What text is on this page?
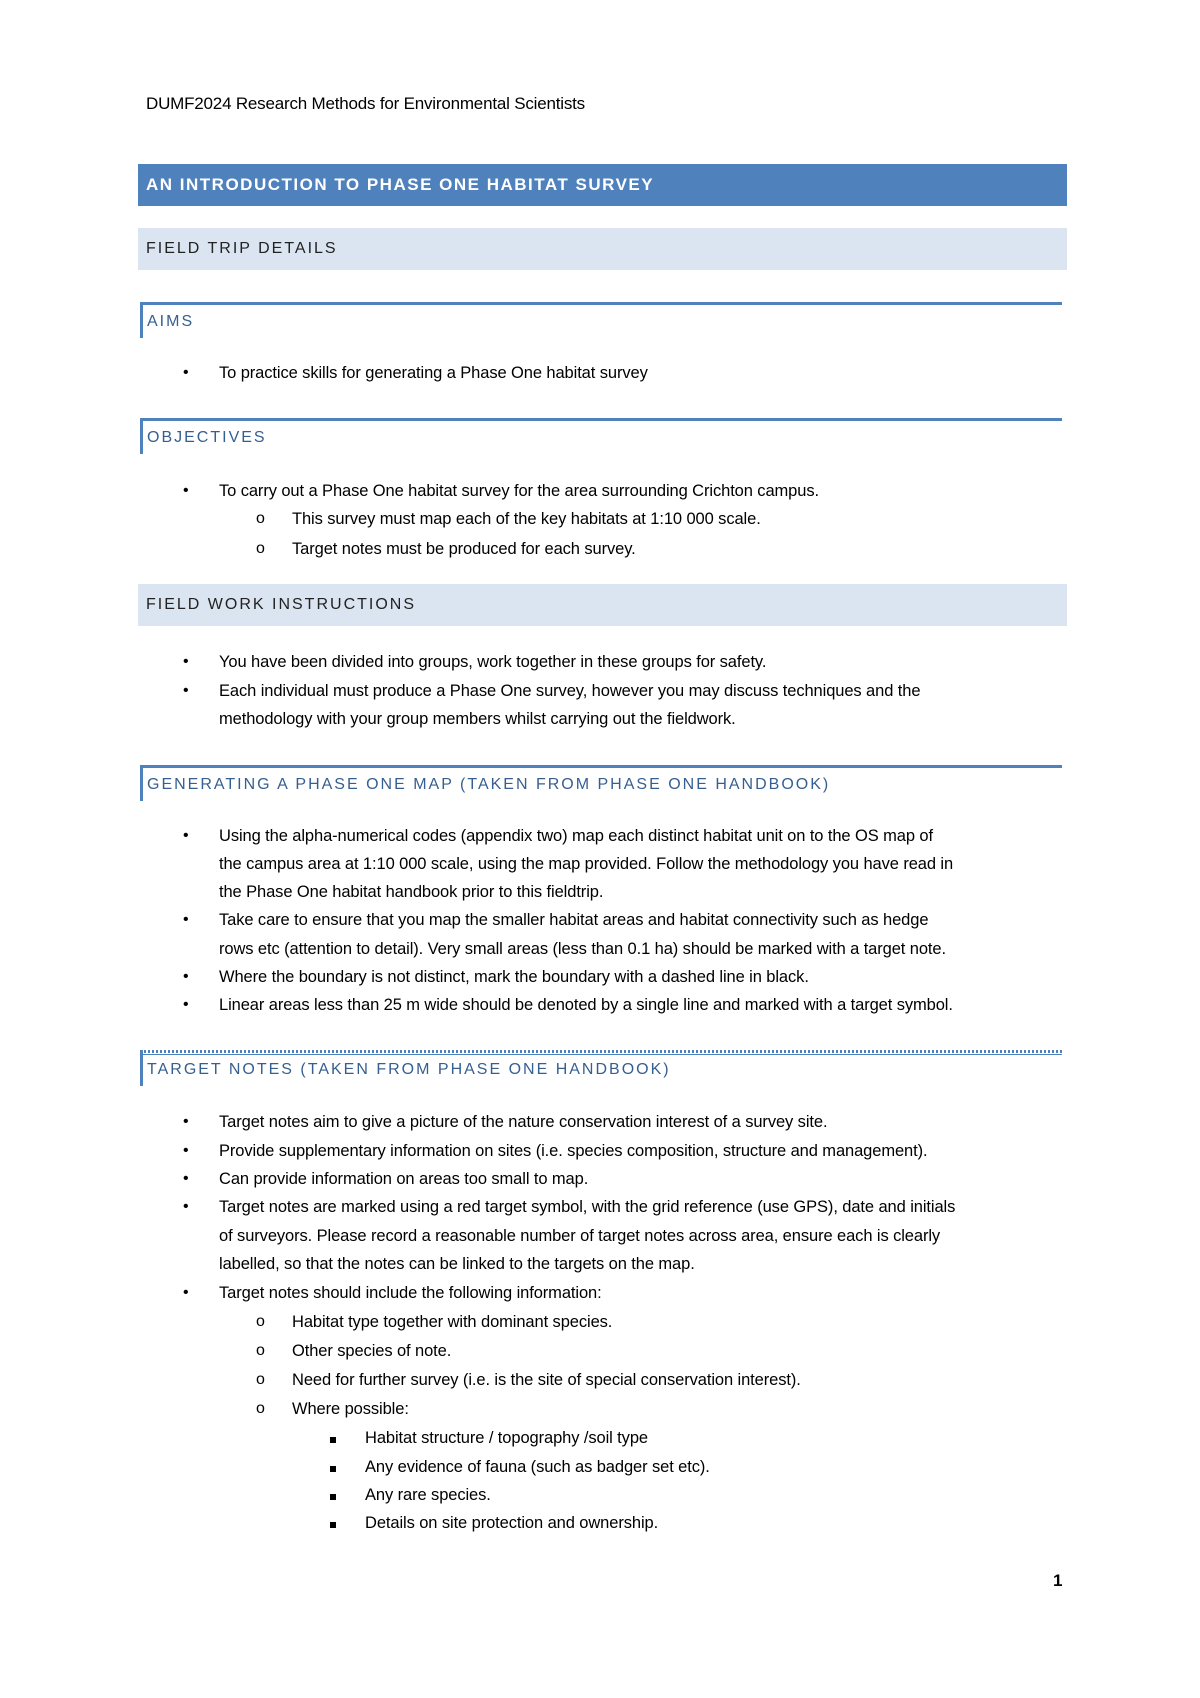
DUMF2024 Research Methods for Environmental Scientists
AN INTRODUCTION TO PHASE ONE HABITAT SURVEY
FIELD TRIP DETAILS
AIMS
• To practice skills for generating a Phase One habitat survey
OBJECTIVES
• To carry out a Phase One habitat survey for the area surrounding Crichton campus.
o This survey must map each of the key habitats at 1:10 000 scale.
o Target notes must be produced for each survey.
FIELD WORK INSTRUCTIONS
• You have been divided into groups, work together in these groups for safety.
• Each individual must produce a Phase One survey, however you may discuss techniques and the
methodology with your group members whilst carrying out the fieldwork.
GENERATING A PHASE ONE MAP (TAKEN FROM PHASE ONE HANDBOOK)
• Using the alpha-numerical codes (appendix two) map each distinct habitat unit on to the OS map of
the campus area at 1:10 000 scale, using the map provided. Follow the methodology you have read in
the Phase One habitat handbook prior to this fieldtrip.
• Take care to ensure that you map the smaller habitat areas and habitat connectivity such as hedge
rows etc (attention to detail). Very small areas (less than 0.1 ha) should be marked with a target note.
• Where the boundary is not distinct, mark the boundary with a dashed line in black.
• Linear areas less than 25 m wide should be denoted by a single line and marked with a target symbol.
TARGET NOTES (TAKEN FROM PHASE ONE HANDBOOK)
• Target notes aim to give a picture of the nature conservation interest of a survey site.
• Provide supplementary information on sites (i.e. species composition, structure and management).
• Can provide information on areas too small to map.
• Target notes are marked using a red target symbol, with the grid reference (use GPS), date and initials
of surveyors. Please record a reasonable number of target notes across area, ensure each is clearly
labelled, so that the notes can be linked to the targets on the map.
• Target notes should include the following information:
o Habitat type together with dominant species.
o Other species of note.
o Need for further survey (i.e. is the site of special conservation interest).
o Where possible:
Habitat structure / topography /soil type
Any evidence of fauna (such as badger set etc).
Any rare species.
Details on site protection and ownership.
1
